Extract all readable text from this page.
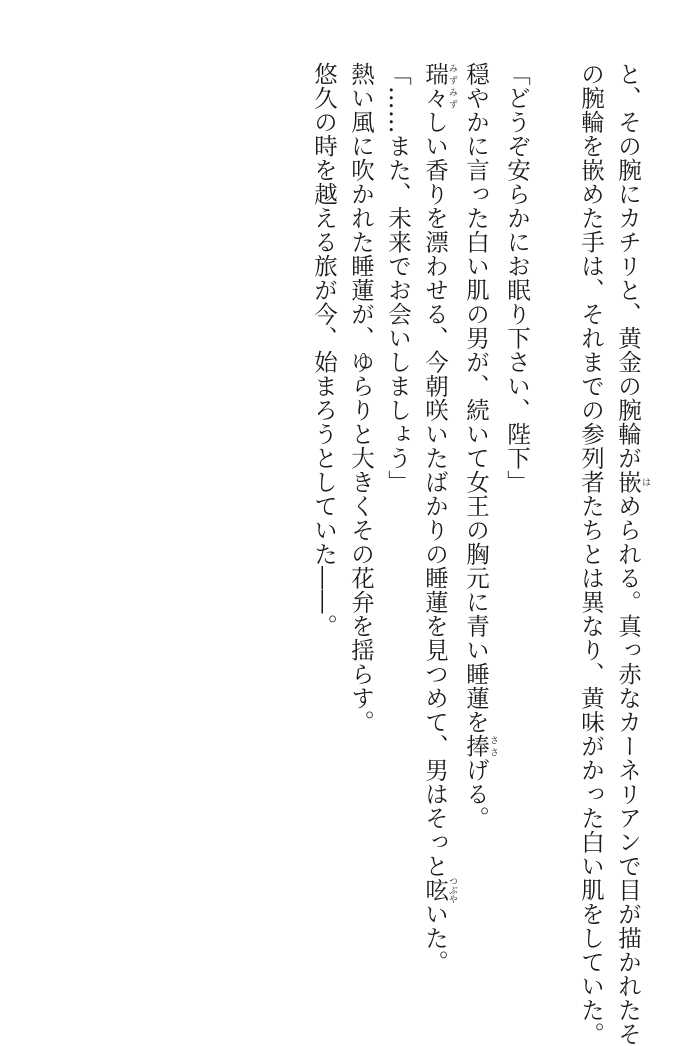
と、その腕にカチリと、黄金の腕輪が嵌はめられる。真っ赤なカーネリアンで目が描かれたそ
の腕輪を嵌めた手は、それまでの参列者たちとは異なり、黄味がかった白い肌をしていた。
「どうぞ安らかにお眠り下さい、陛下」
穏やかに言った白い肌の男が、続いて女王の胸元に青い睡蓮を捧ささげる。
瑞々みずみずしい香りを漂わせる、今朝咲いたばかりの睡蓮を見つめて、男はそっと呟つぶやいた。
「……また、未来でお会いしましょう」
熱い風に吹かれた睡蓮が、ゆらりと大きくその花弁を揺らす。
悠久の時を越える旅が今、始まろうとしていた――。
